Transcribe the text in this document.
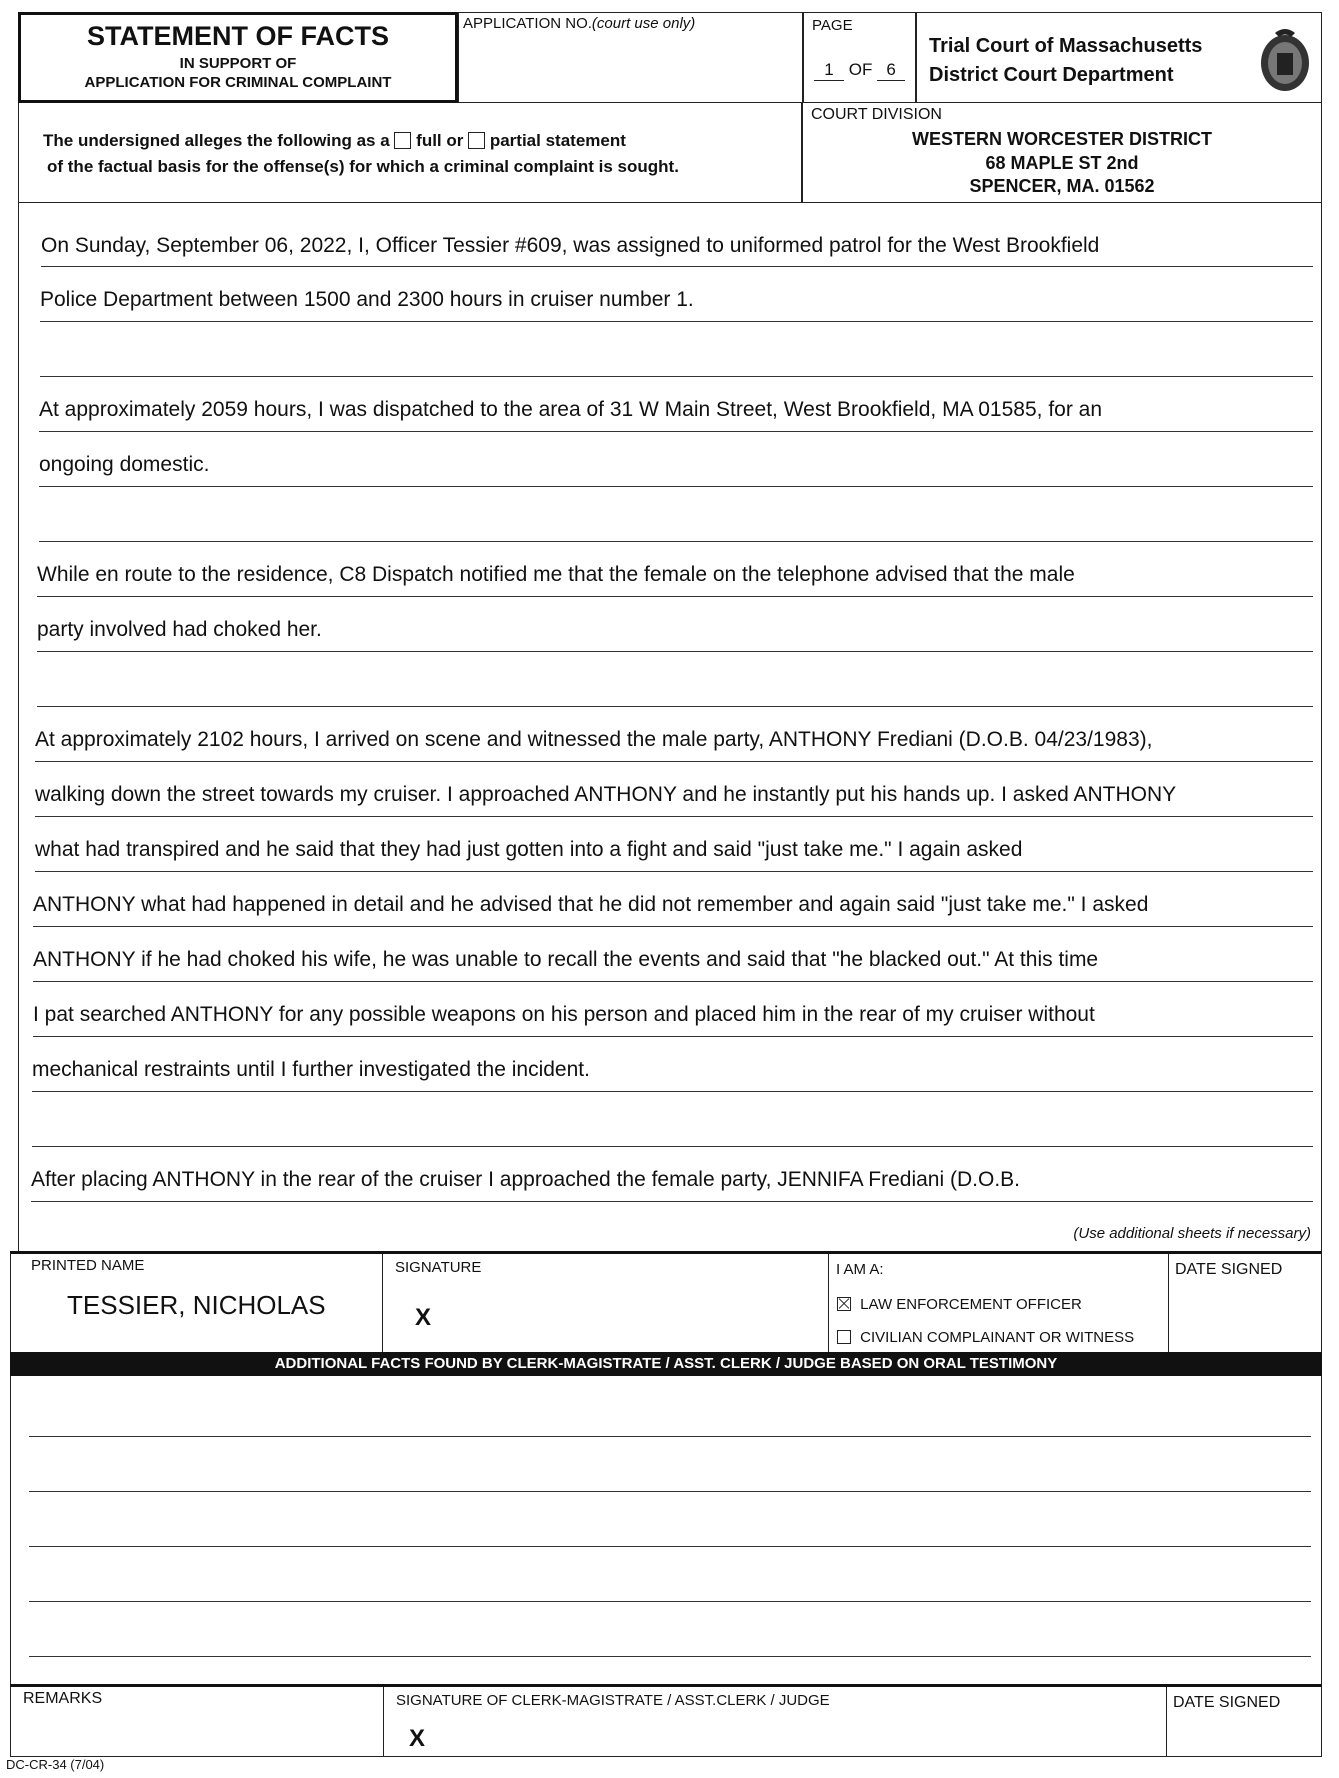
STATEMENT OF FACTS
IN SUPPORT OF
APPLICATION FOR CRIMINAL COMPLAINT
APPLICATION NO.(court use only)	PAGE
1 OF 6
Trial Court of Massachusetts
District Court Department
The undersigned alleges the following as a full or partial statement
of the factual basis for the offense(s) for which a criminal complaint is sought.
COURT DIVISION
WESTERN WORCESTER DISTRICT
68 MAPLE ST 2nd
SPENCER, MA. 01562
On Sunday, September 06, 2022, I, Officer Tessier #609, was assigned to uniformed patrol for the West Brookfield
Police Department between 1500 and 2300 hours in cruiser number 1.
At approximately 2059 hours, I was dispatched to the area of 31 W Main Street, West Brookfield, MA 01585, for an
ongoing domestic.
While en route to the residence, C8 Dispatch notified me that the female on the telephone advised that the male
party involved had choked her.
At approximately 2102 hours, I arrived on scene and witnessed the male party, ANTHONY Frediani (D.O.B. 04/23/1983),
walking down the street towards my cruiser. I approached ANTHONY and he instantly put his hands up. I asked ANTHONY
what had transpired and he said that they had just gotten into a fight and said "just take me." I again asked
ANTHONY what had happened in detail and he advised that he did not remember and again said "just take me." I asked
ANTHONY if he had choked his wife, he was unable to recall the events and said that "he blacked out." At this time
I pat searched ANTHONY for any possible weapons on his person and placed him in the rear of my cruiser without
mechanical restraints until I further investigated the incident.
After placing ANTHONY in the rear of the cruiser I approached the female party, JENNIFA Frediani (D.O.B.
(Use additional sheets if necessary)
PRINTED NAME
TESSIER, NICHOLAS
SIGNATURE
X
I AM A:
LAW ENFORCEMENT OFFICER
CIVILIAN COMPLAINANT OR WITNESS
DATE SIGNED
ADDITIONAL FACTS FOUND BY CLERK-MAGISTRATE / ASST. CLERK / JUDGE BASED ON ORAL TESTIMONY
REMARKS	SIGNATURE OF CLERK-MAGISTRATE / ASST.CLERK / JUDGE
X
DATE SIGNED
DC-CR-34 (7/04)
